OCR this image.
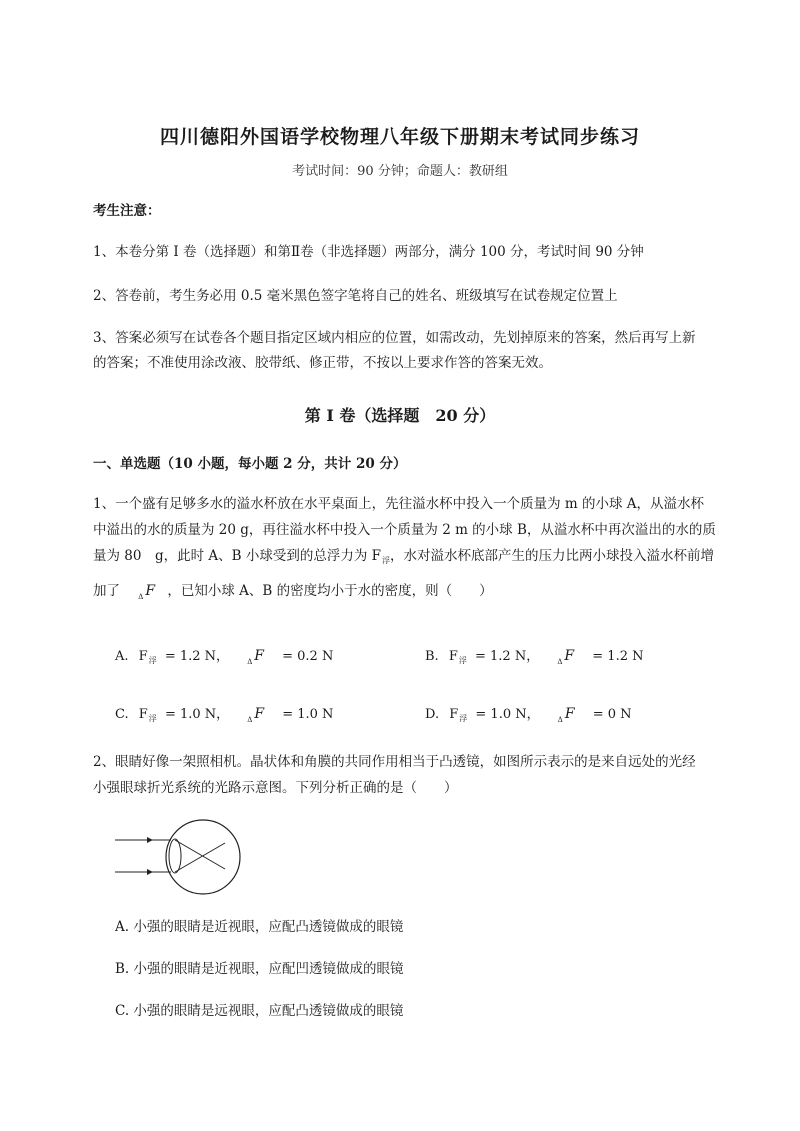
四川德阳外国语学校物理八年级下册期末考试同步练习
考试时间：90 分钟；命题人：教研组
考生注意：
1、本卷分第 I 卷（选择题）和第Ⅱ卷（非选择题）两部分，满分 100 分，考试时间 90 分钟
2、答卷前，考生务必用 0.5 毫米黑色签字笔将自己的姓名、班级填写在试卷规定位置上
3、答案必须写在试卷各个题目指定区域内相应的位置，如需改动，先划掉原来的答案，然后再写上新
的答案；不准使用涂改液、胶带纸、修正带，不按以上要求作答的答案无效。
第 I 卷（选择题　20 分）
一、单选题（10 小题，每小题 2 分，共计 20 分）
1、一个盛有足够多水的溢水杯放在水平桌面上，先往溢水杯中投入一个质量为 m 的小球 A，从溢水杯
中溢出的水的质量为 20 g，再往溢水杯中投入一个质量为 2 m 的小球 B，从溢水杯中再次溢出的水的质
量为 80　g，此时 A、B 小球受到的总浮力为 $F_浮$，水对溢水杯底部产生的压力比两小球投入溢水杯前增
加了	$_\Delta$ F ，已知小球 A、B 的密度均小于水的密度，则（　　）
A. $F_浮 = 1.2$ N，	$_\Delta$ F = 0.2 N	B. $F_浮 = 1.2$ N，	$_\Delta$ F = 1.2 N
C. $F_浮 = 1.0$ N，	$_\Delta$ F = 1.0 N	D. $F_浮 = 1.0$ N，	$_\Delta$ F = 0 N
2、眼睛好像一架照相机。晶状体和角膜的共同作用相当于凸透镜，如图所示表示的是来自远处的光经
小强眼球折光系统的光路示意图。下列分析正确的是（　　）
A. 小强的眼睛是近视眼，应配凸透镜做成的眼镜
B. 小强的眼睛是近视眼，应配凹透镜做成的眼镜
C. 小强的眼睛是远视眼，应配凸透镜做成的眼镜
